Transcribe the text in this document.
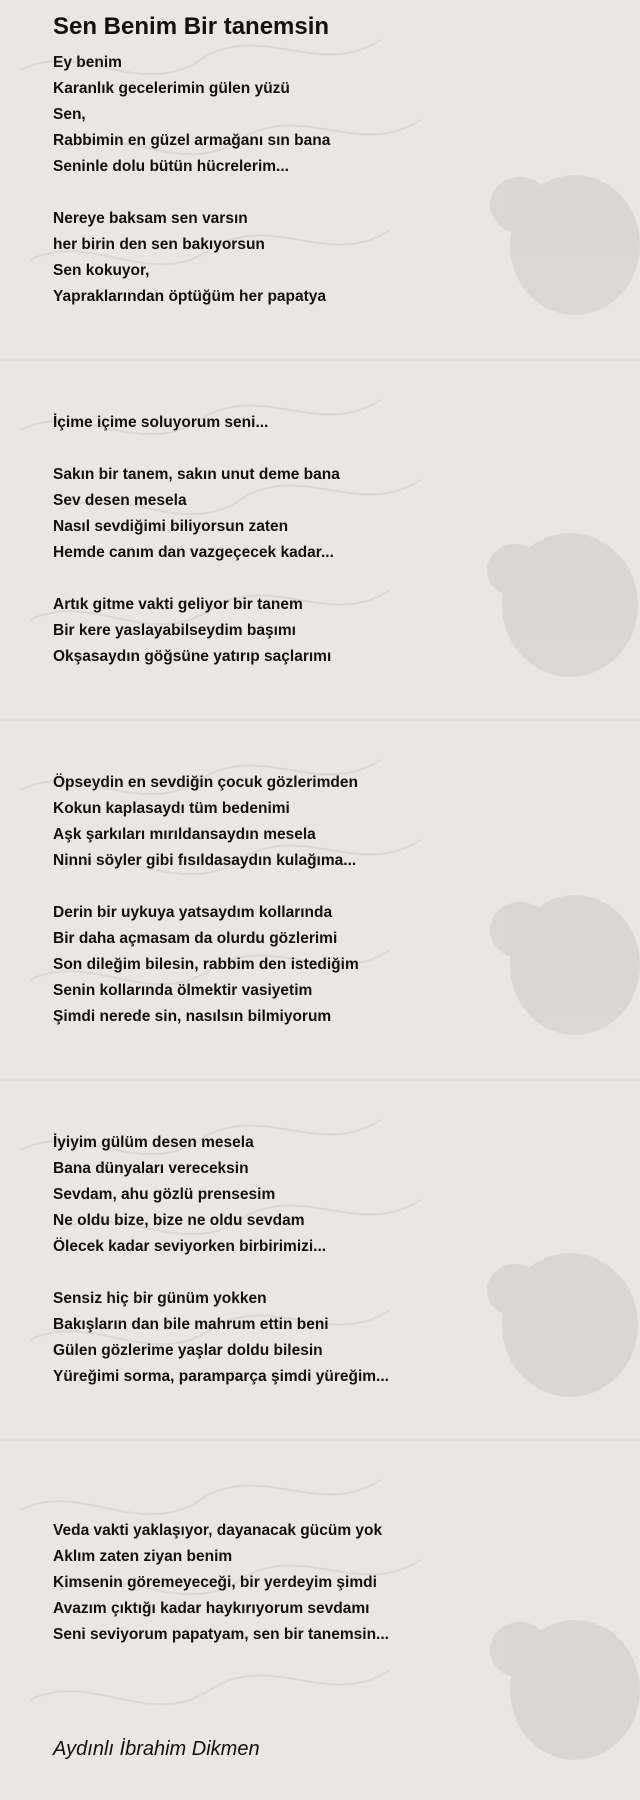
Sen Benim Bir tanemsin
Ey benim
Karanlık gecelerimin gülen yüzü
Sen,
Rabbimin en güzel armağanı sın bana
Seninle dolu bütün hücrelerim...
Nereye baksam sen varsın
her birin den sen bakıyorsun
Sen kokuyor,
Yapraklarından öptüğüm her papatya
İçime içime soluyorum seni...
Sakın bir tanem, sakın unut deme bana
Sev desen mesela
Nasıl sevdiğimi biliyorsun zaten
Hemde canım dan vazgeçecek kadar...
Artık gitme vakti geliyor bir tanem
Bir kere yaslayabilseydim başımı
Okşasaydın göğsüne yatırıp saçlarımı
Öpseydin en sevdiğin çocuk gözlerimden
Kokun kaplasaydı tüm bedenimi
Aşk şarkıları mırıldansaydın mesela
Ninni söyler gibi fısıldasaydın kulağıma...
Derin bir uykuya yatsaydım kollarında
Bir daha açmasam da olurdu gözlerimi
Son dileğim bilesin, rabbim den istediğim
Senin kollarında ölmektir vasiyetim
Şimdi nerede sin, nasılsın bilmiyorum
İyiyim gülüm desen mesela
Bana dünyaları vereceksin
Sevdam, ahu gözlü prensesim
Ne oldu bize, bize ne oldu sevdam
Ölecek kadar seviyorken birbirimizi...
Sensiz hiç bir günüm yokken
Bakışların dan bile mahrum ettin beni
Gülen gözlerime yaşlar doldu bilesin
Yüreğimi sorma, paramparça şimdi yüreğim...
Veda vakti yaklaşıyor, dayanacak gücüm yok
Aklım zaten ziyan benim
Kimsenin göremeyeceği, bir yerdeyim şimdi
Avazım çıktığı kadar haykırıyorum sevdamı
Seni seviyorum papatyam, sen bir tanemsin...
Aydınlı İbrahim Dikmen
